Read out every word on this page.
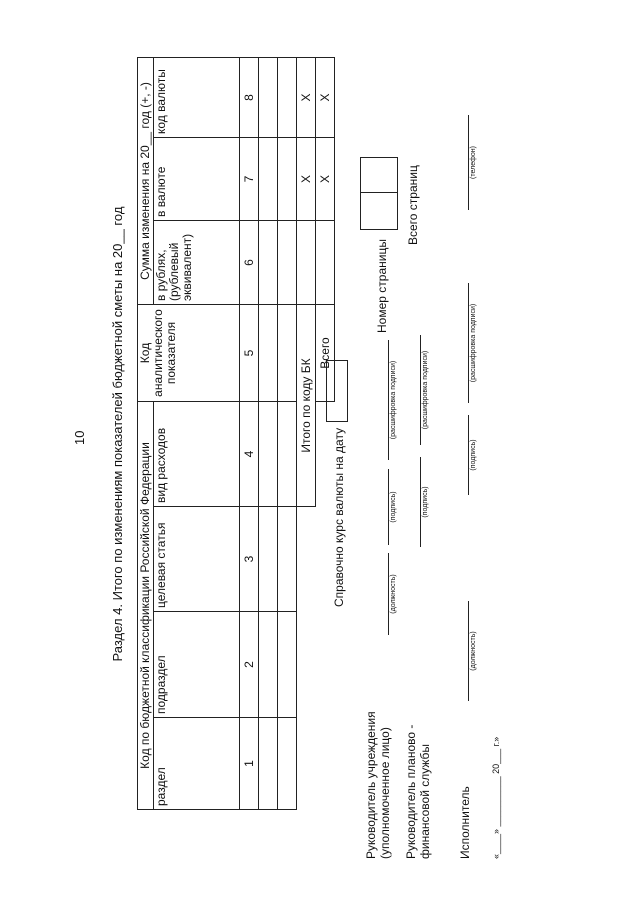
10 Раздел 4. Итого по изменениям показателей бюджетной сметы на 20__ год Код по бюджетной классификации Российской Федерации				Код аналитического показателя	Сумма изменения на 20__ год (+, -)		
раздел	подраздел	целевая статья	вид расходов		в рублях, (рублевый эквивалент)	в валюте	код валюты
1	2	3	4	5	6	7	8

			Итого по коду БК			X	X
				Всего		X	X
Справочно курс валюты на дату
Руководитель учреждения (уполномоченное лицо)
(должность)
(подпись)
(расшифровка подписи)
Руководитель планово - финансовой службы
(подпись)
(расшифровка подписи)
Исполнитель
(должность)
(подпись)
(расшифровка подписи)
(телефон)
«____» __________ 20___ г.»
Номер страницы
Всего страниц
